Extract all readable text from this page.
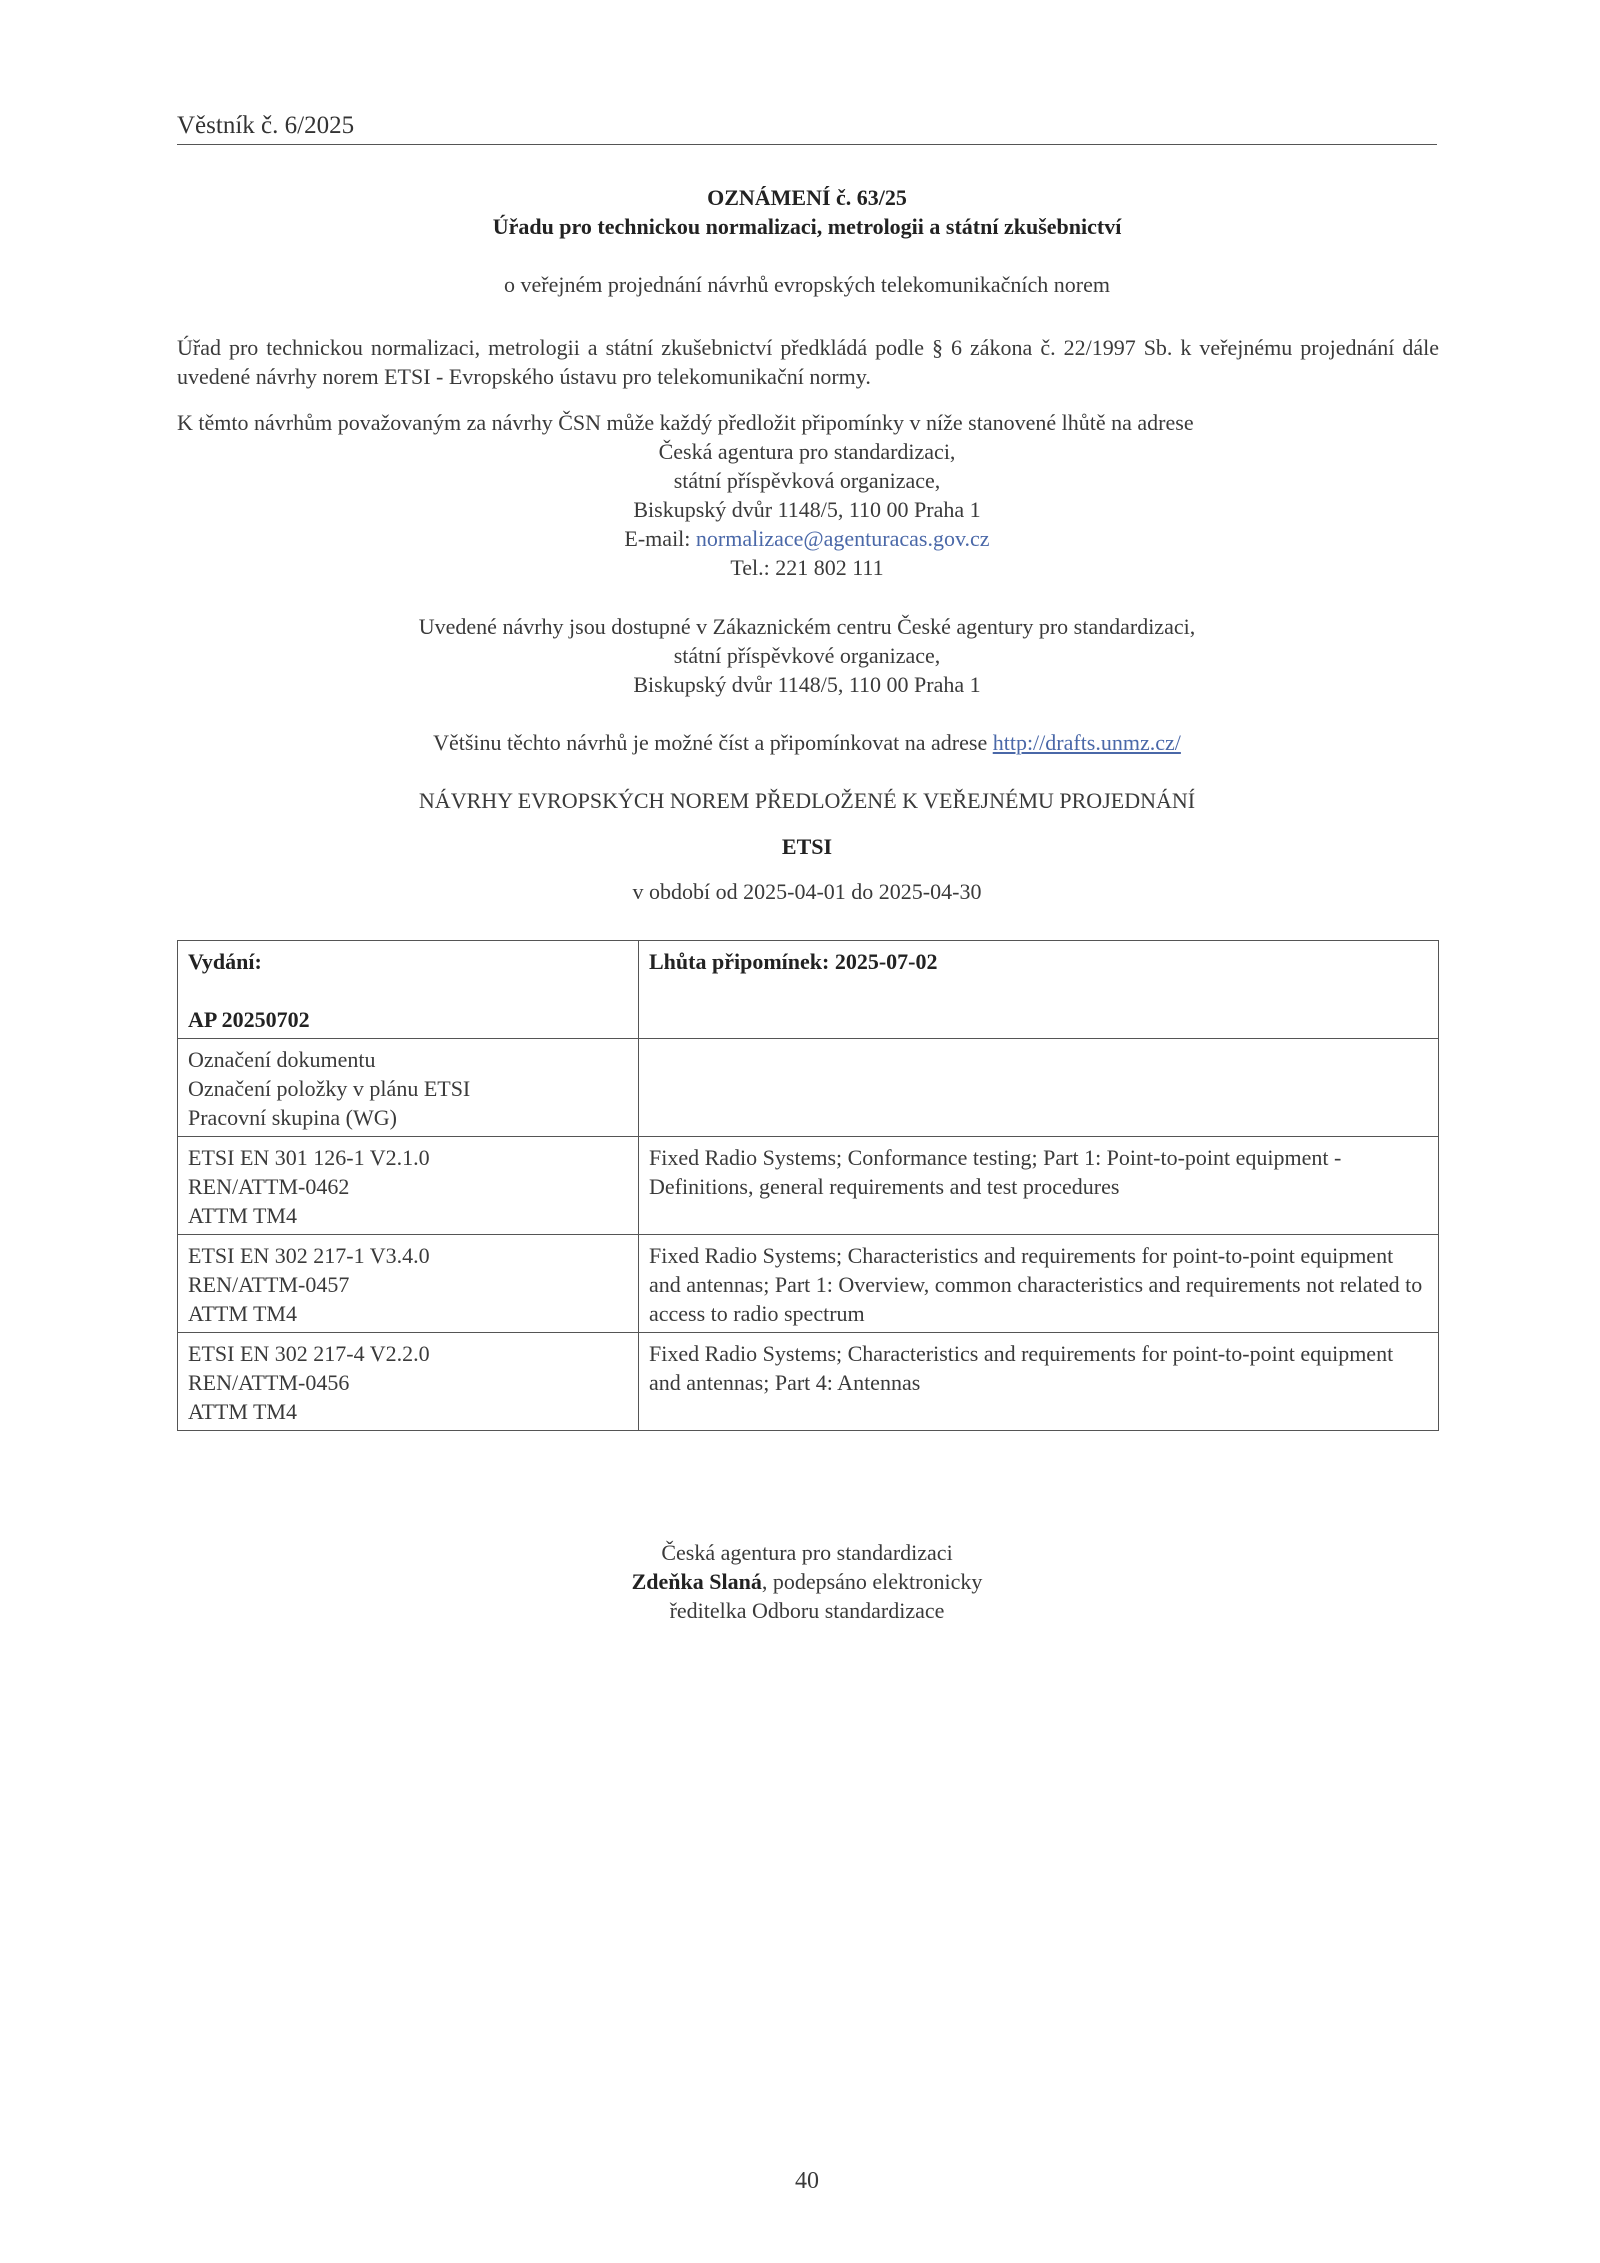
Věstník č. 6/2025
OZNÁMENÍ č. 63/25
Úřadu pro technickou normalizaci, metrologii a státní zkušebnictví
o veřejném projednání návrhů evropských telekomunikačních norem

Úřad pro technickou normalizaci, metrologii a státní zkušebnictví předkládá podle § 6 zákona č. 22/1997 Sb. k veřejnému projednání dále uvedené návrhy norem ETSI - Evropského ústavu pro telekomunikační normy.

K těmto návrhům považovaným za návrhy ČSN může každý předložit připomínky v níže stanovené lhůtě na adrese
Česká agentura pro standardizaci,
státní příspěvková organizace,
Biskupský dvůr 1148/5, 110 00 Praha 1
E-mail: normalizace@agenturacas.gov.cz
Tel.: 221 802 111
Uvedené návrhy jsou dostupné v Zákaznickém centru České agentury pro standardizaci,
státní příspěvkové organizace,
Biskupský dvůr 1148/5, 110 00 Praha 1
Většinu těchto návrhů je možné číst a připomínkovat na adrese http://drafts.unmz.cz/
NÁVRHY EVROPSKÝCH NOREM PŘEDLOŽENÉ K VEŘEJNÉMU PROJEDNÁNÍ
ETSI
v období od 2025-04-01 do 2025-04-30
Vydání:
AP 20250702	Lhůta připomínek: 2025-07-02

Označení dokumentu
Označení položky v plánu ETSI
Pracovní skupina (WG)	

ETSI EN 301 126-1 V2.1.0
REN/ATTM-0462
ATTM TM4	Fixed Radio Systems; Conformance testing; Part 1: Point-to-point equipment - Definitions, general requirements and test procedures

ETSI EN 302 217-1 V3.4.0
REN/ATTM-0457
ATTM TM4	Fixed Radio Systems; Characteristics and requirements for point-to-point equipment and antennas; Part 1: Overview, common characteristics and requirements not related to access to radio spectrum

ETSI EN 302 217-4 V2.2.0
REN/ATTM-0456
ATTM TM4	Fixed Radio Systems; Characteristics and requirements for point-to-point equipment and antennas; Part 4: Antennas
Česká agentura pro standardizaci
Zdeňka Slaná, podepsáno elektronicky
ředitelka Odboru standardizace
40
